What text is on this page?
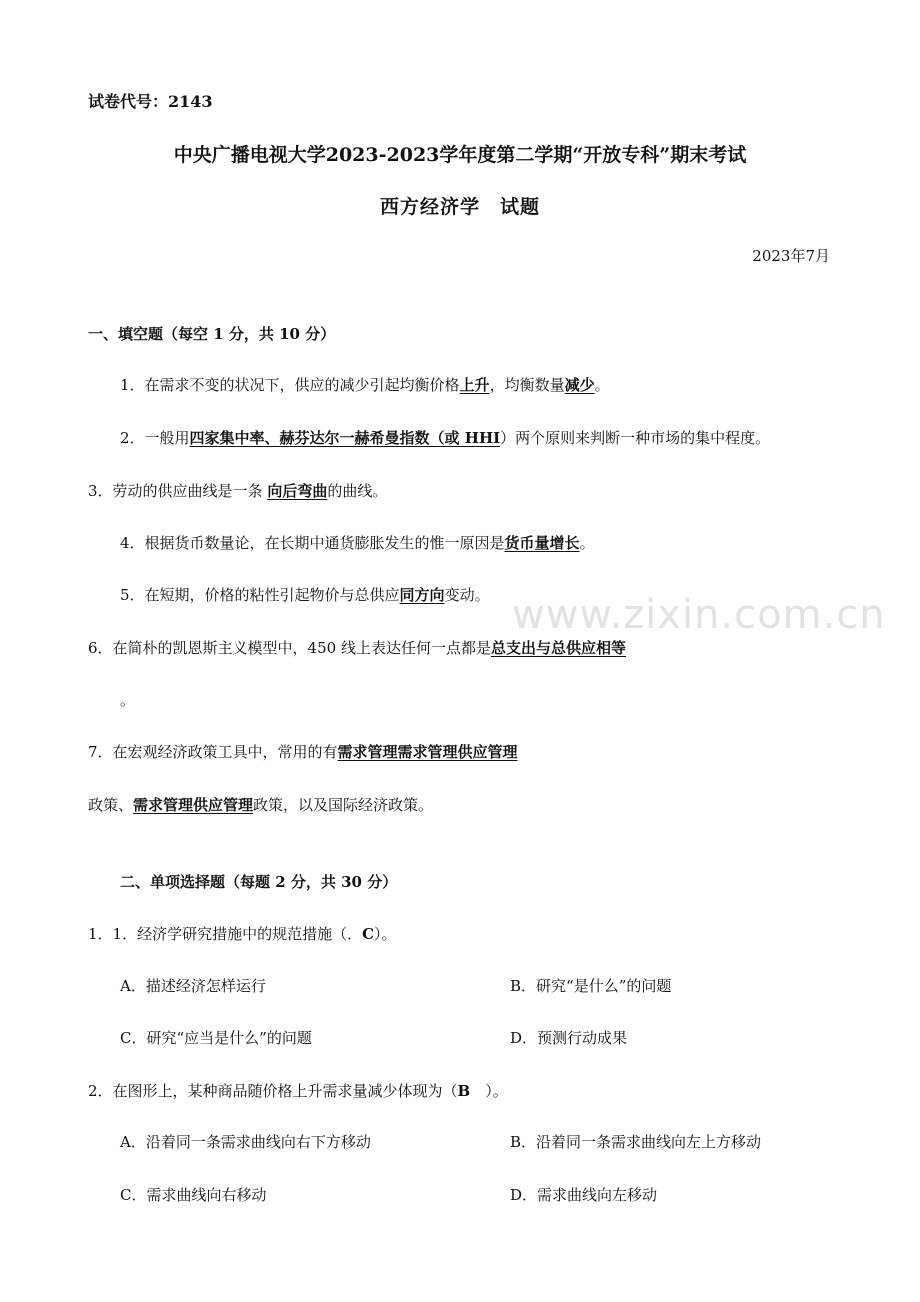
试卷代号：2143
中央广播电视大学2023-2023学年度第二学期“开放专科”期末考试
西方经济学　试题
2023年7月
一、填空题（每空 1 分，共 10 分）
1．在需求不变的状况下，供应的减少引起均衡价格上升，均衡数量减少。
2．一般用四家集中率、赫芬达尔一赫希曼指数（或 HHI）两个原则来判断一种市场的集中程度。
3．劳动的供应曲线是一条 向后弯曲的曲线。
4．根据货币数量论，在长期中通货膨胀发生的惟一原因是货币量增长。
5．在短期，价格的粘性引起物价与总供应同方向变动。 www.zixin.com.cn
6．在简朴的凯恩斯主义模型中，450 线上表达任何一点都是总支出与总供应相等
。
7．在宏观经济政策工具中，常用的有需求管理需求管理供应管理
政策、需求管理供应管理政策，以及国际经济政策。
二、单项选择题（每题 2 分，共 30 分）
1．1．经济学研究措施中的规范措施（．C）。
A．描述经济怎样运行	B．研究“是什么”的问题
C．研究“应当是什么”的问题	D．预测行动成果
2．在图形上，某种商品随价格上升需求量减少体现为（B　）。
A．沿着同一条需求曲线向右下方移动	B．沿着同一条需求曲线向左上方移动
C．需求曲线向右移动	D．需求曲线向左移动
